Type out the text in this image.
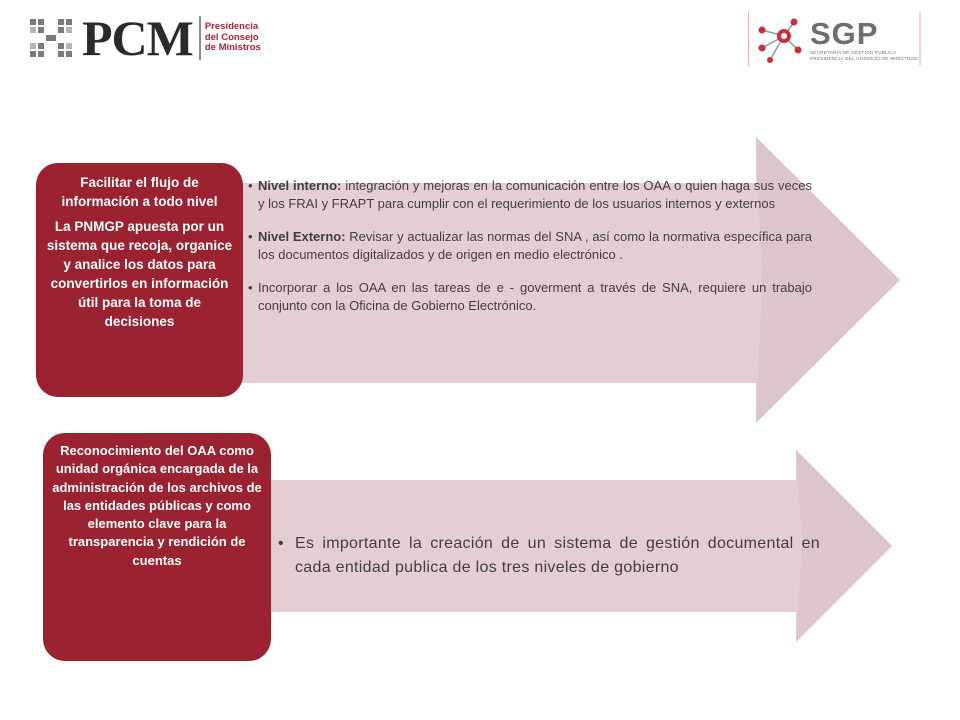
PCM Presidencia
del Consejo
de Ministros	SGP
SECRETARÍA DE GESTIÓN PÚBLICA
PRESIDENCIA DEL CONSEJO DE MINISTROS
• Nivel interno: integración y mejoras en la comunicación entre los OAA o quien haga sus veces y los FRAI y FRAPT para cumplir con el requerimiento de los usuarios internos y externos
• Nivel Externo: Revisar y actualizar las normas del SNA , así como la normativa específica para los documentos digitalizados y de origen en medio electrónico .
• Incorporar a los OAA en las tareas de e - goverment a través de SNA, requiere un trabajo conjunto con la Oficina de Gobierno Electrónico.
Facilitar el flujo de información a todo nivel
La PNMGP apuesta por un sistema que recoja, organice y analice los datos para convertirlos en información útil para la toma de decisiones
• Es importante la creación de un sistema de gestión documental en cada entidad publica de los tres niveles de gobierno
Reconocimiento del OAA como unidad orgánica encargada de la administración de los archivos de las entidades públicas y como elemento clave para la transparencia y rendición de cuentas
